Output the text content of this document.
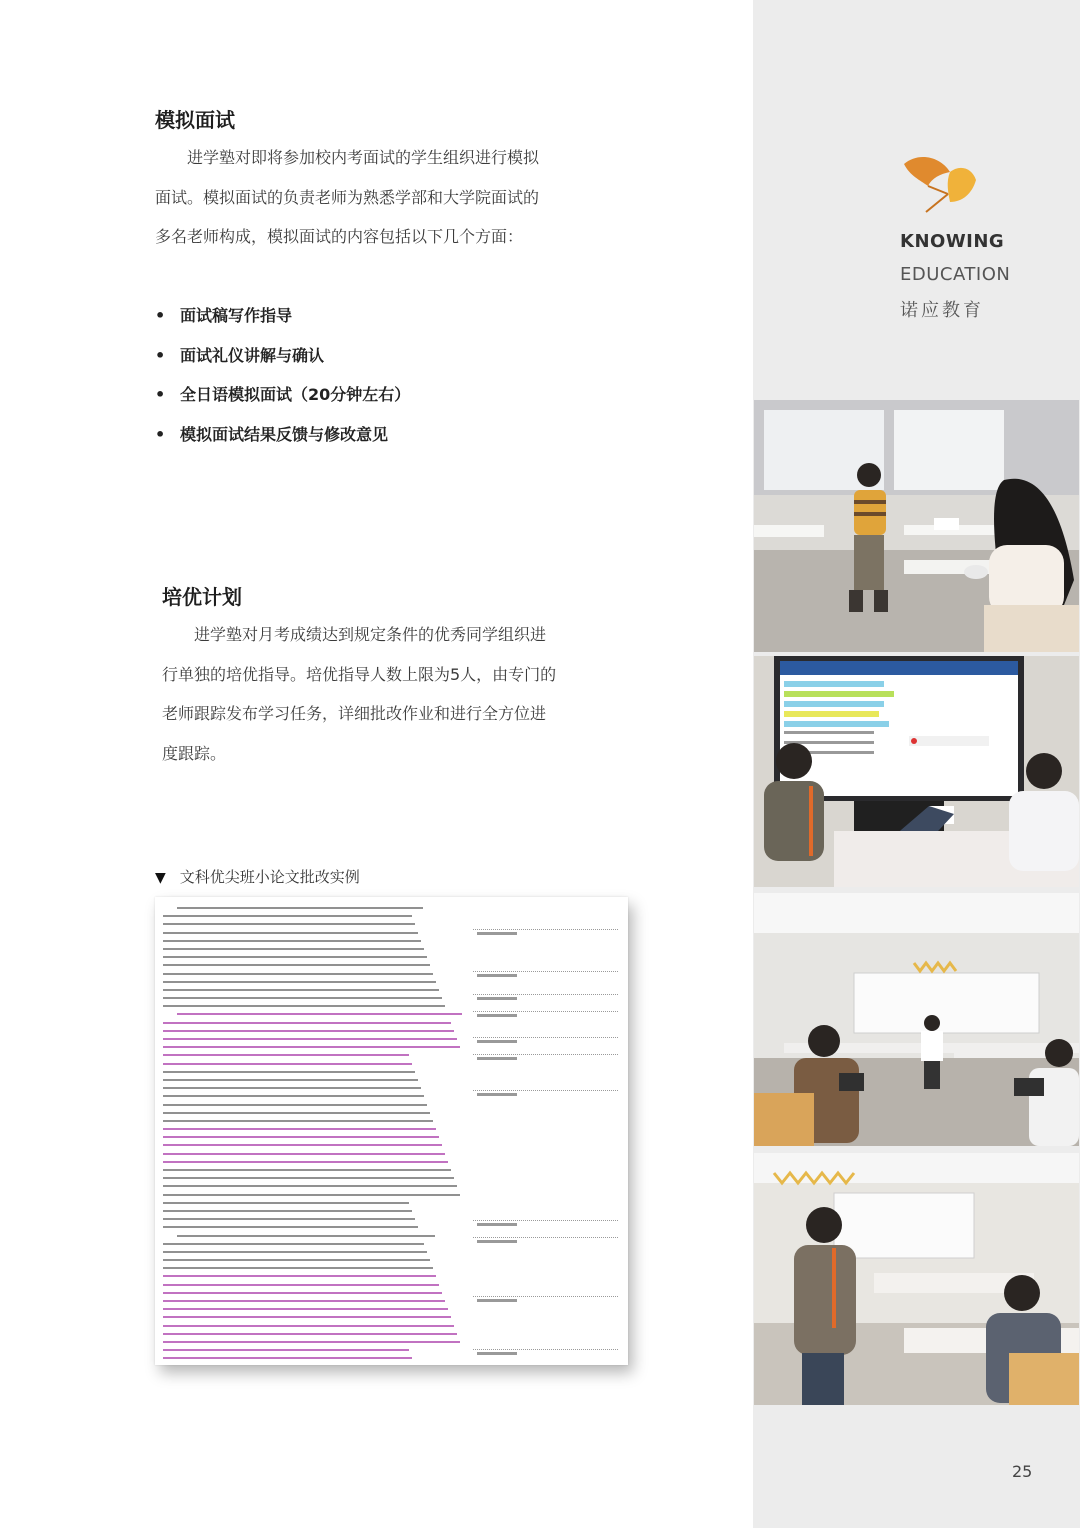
模拟面试
进学塾对即将参加校内考面试的学生组织进行模拟
面试。模拟面试的负责老师为熟悉学部和大学院面试的
多名老师构成，模拟面试的内容包括以下几个方面：
• 面试稿写作指导
• 面试礼仪讲解与确认
• 全日语模拟面试（20分钟左右）
• 模拟面试结果反馈与修改意见
培优计划
进学塾对月考成绩达到规定条件的优秀同学组织进
行单独的培优指导。培优指导人数上限为5人，由专门的
老师跟踪发布学习任务，详细批改作业和进行全方位进
度跟踪。
▼ 文科优尖班小论文批改实例
KNOWING
EDUCATION
诺应教育
25
